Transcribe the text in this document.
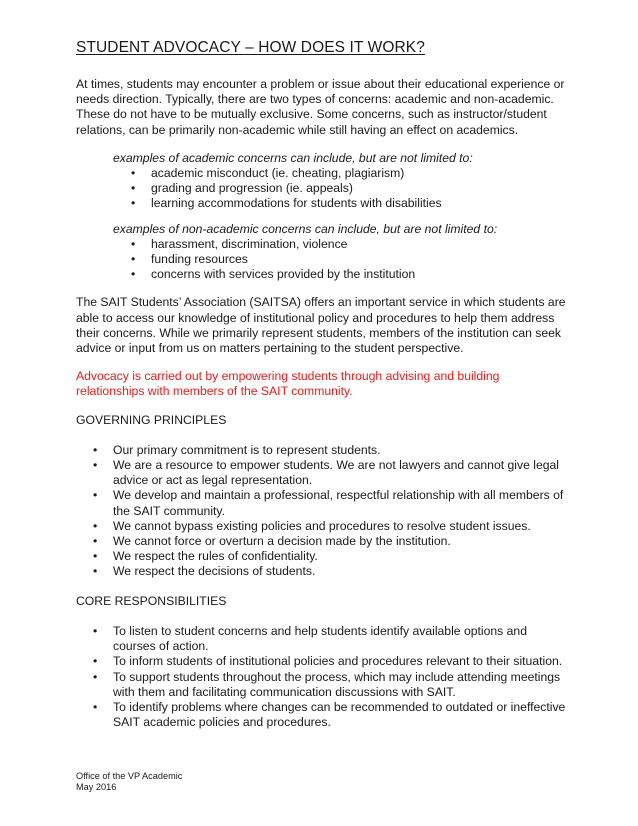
STUDENT ADVOCACY – HOW DOES IT WORK?

At times, students may encounter a problem or issue about their educational experience or needs direction. Typically, there are two types of concerns: academic and non-academic. These do not have to be mutually exclusive. Some concerns, such as instructor/student relations, can be primarily non-academic while still having an effect on academics.

examples of academic concerns can include, but are not limited to:

• academic misconduct (ie. cheating, plagiarism)
• grading and progression (ie. appeals)
• learning accommodations for students with disabilities

examples of non-academic concerns can include, but are not limited to:

• harassment, discrimination, violence
• funding resources
• concerns with services provided by the institution

The SAIT Students’ Association (SAITSA) offers an important service in which students are able to access our knowledge of institutional policy and procedures to help them address their concerns. While we primarily represent students, members of the institution can seek advice or input from us on matters pertaining to the student perspective.

Advocacy is carried out by empowering students through advising and building relationships with members of the SAIT community.

GOVERNING PRINCIPLES

• Our primary commitment is to represent students.
• We are a resource to empower students. We are not lawyers and cannot give legal advice or act as legal representation.
• We develop and maintain a professional, respectful relationship with all members of the SAIT community.
• We cannot bypass existing policies and procedures to resolve student issues.
• We cannot force or overturn a decision made by the institution.
• We respect the rules of confidentiality.
• We respect the decisions of students.

CORE RESPONSIBILITIES

• To listen to student concerns and help students identify available options and courses of action.
• To inform students of institutional policies and procedures relevant to their situation.
• To support students throughout the process, which may include attending meetings with them and facilitating communication discussions with SAIT.
• To identify problems where changes can be recommended to outdated or ineffective SAIT academic policies and procedures.
Office of the VP Academic
May 2016
